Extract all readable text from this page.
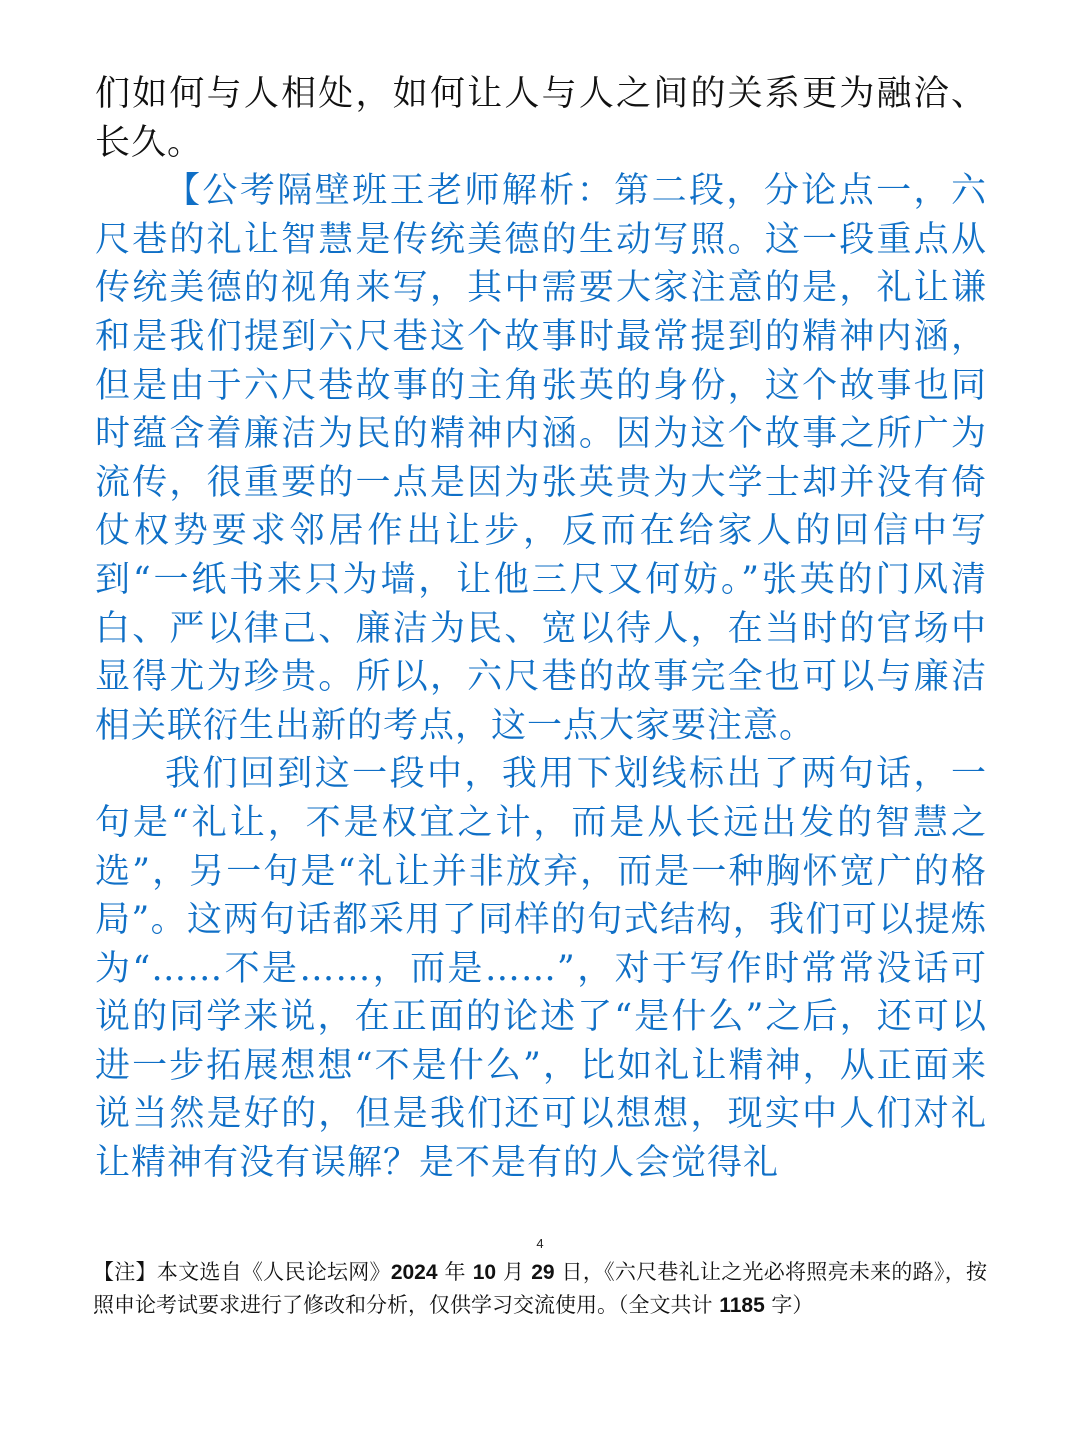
们如何与人相处，如何让人与人之间的关系更为融洽、长久。

【公考隔壁班王老师解析：第二段，分论点一，六尺巷的礼让智慧是传统美德的生动写照。这一段重点从传统美德的视角来写，其中需要大家注意的是，礼让谦和是我们提到六尺巷这个故事时最常提到的精神内涵，但是由于六尺巷故事的主角张英的身份，这个故事也同时蕴含着廉洁为民的精神内涵。因为这个故事之所广为流传，很重要的一点是因为张英贵为大学士却并没有倚仗权势要求邻居作出让步，反而在给家人的回信中写到“一纸书来只为墙，让他三尺又何妨。”张英的门风清白、严以律己、廉洁为民、宽以待人，在当时的官场中显得尤为珍贵。所以，六尺巷的故事完全也可以与廉洁相关联衍生出新的考点，这一点大家要注意。

我们回到这一段中，我用下划线标出了两句话，一句是“礼让，不是权宜之计，而是从长远出发的智慧之选”，另一句是“礼让并非放弃，而是一种胸怀宽广的格局”。这两句话都采用了同样的句式结构，我们可以提炼为“……不是……，而是……”，对于写作时常常没话可说的同学来说，在正面的论述了“是什么”之后，还可以进一步拓展想想“不是什么”，比如礼让精神，从正面来说当然是好的，但是我们还可以想想，现实中人们对礼让精神有没有误解？是不是有的人会觉得礼

4
【注】本文选自《人民论坛网》2024 年 10 月 29 日，《六尺巷礼让之光必将照亮未来的路》，按照申论考试要求进行了修改和分析，仅供学习交流使用。（全文共计 1185 字）
